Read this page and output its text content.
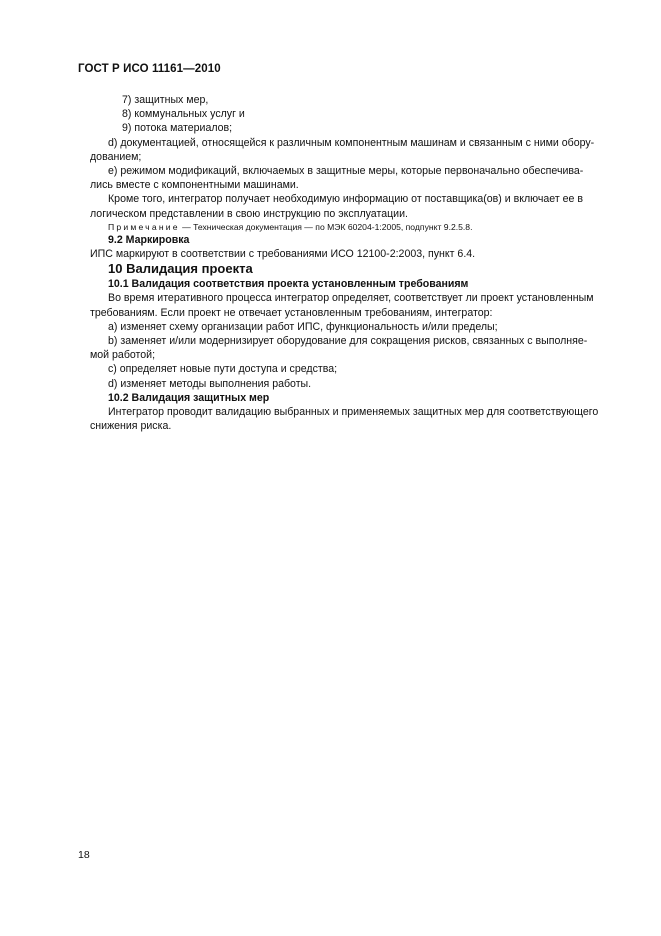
ГОСТ Р ИСО 11161—2010

7) защитных мер,

8) коммунальных услуг и

9) потока материалов;

d) документацией, относящейся к различным компонентным машинам и связанным с ними обору-

дованием;

е) режимом модификаций, включаемых в защитные меры, которые первоначально обеспечива-

лись вместе с компонентными машинами.

Кроме того, интегратор получает необходимую информацию от поставщика(ов) и включает ее в

логическом представлении в свою инструкцию по эксплуатации.

Примечание — Техническая документация — по МЭК 60204-1:2005, подпункт 9.2.5.8.

9.2 Маркировка

ИПС маркируют в соответствии с требованиями ИСО 12100-2:2003, пункт 6.4.

10 Валидация проекта

10.1 Валидация соответствия проекта установленным требованиям

Во время итеративного процесса интегратор определяет, соответствует ли проект установленным

требованиям. Если проект не отвечает установленным требованиям, интегратор:

a) изменяет схему организации работ ИПС, функциональность и/или пределы;

b) заменяет и/или модернизирует оборудование для сокращения рисков, связанных с выполняе-

мой работой;

c) определяет новые пути доступа и средства;

d) изменяет методы выполнения работы.

10.2 Валидация защитных мер

Интегратор проводит валидацию выбранных и применяемых защитных мер для соответствующего

снижения риска.

18
